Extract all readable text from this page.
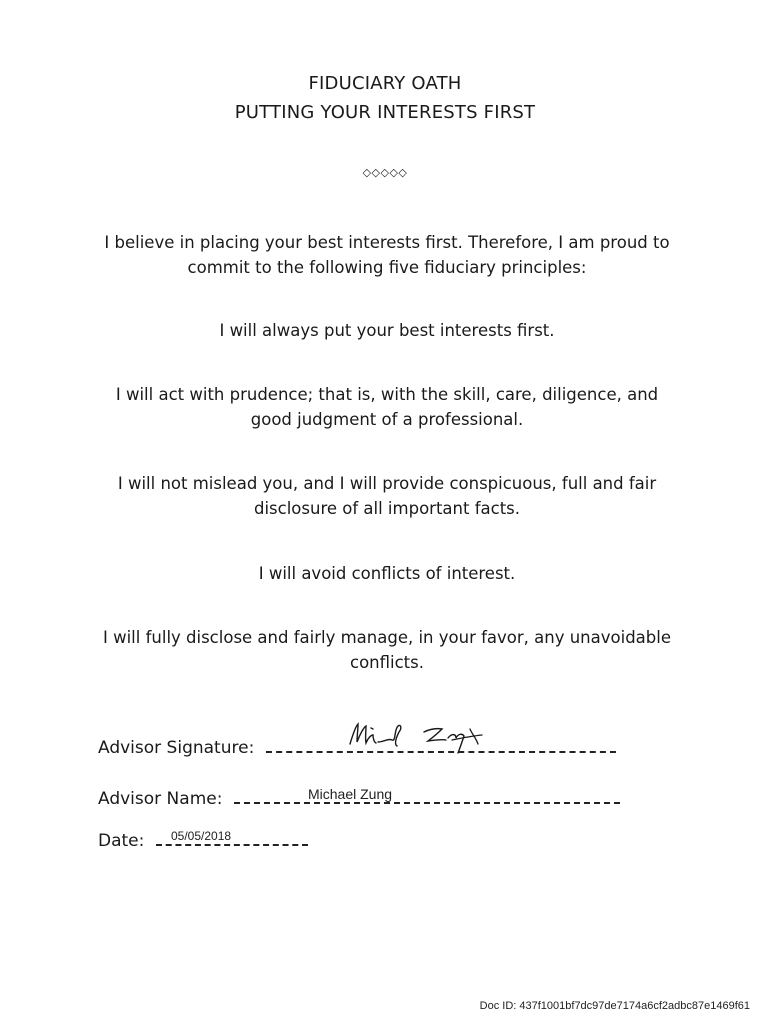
FIDUCIARY OATH
PUTTING YOUR INTERESTS FIRST
◇◇◇◇◇
I believe in placing your best interests first. Therefore, I am proud to commit to the following five fiduciary principles:
I will always put your best interests first.
I will act with prudence; that is, with the skill, care, diligence, and good judgment of a professional.
I will not mislead you, and I will provide conspicuous, full and fair disclosure of all important facts.
I will avoid conflicts of interest.
I will fully disclose and fairly manage, in your favor, any unavoidable conflicts.
Advisor Signature:
Advisor Name:	Michael Zung
Date:	05/05/2018
Doc ID: 437f1001bf7dc97de7174a6cf2adbc87e1469f61
